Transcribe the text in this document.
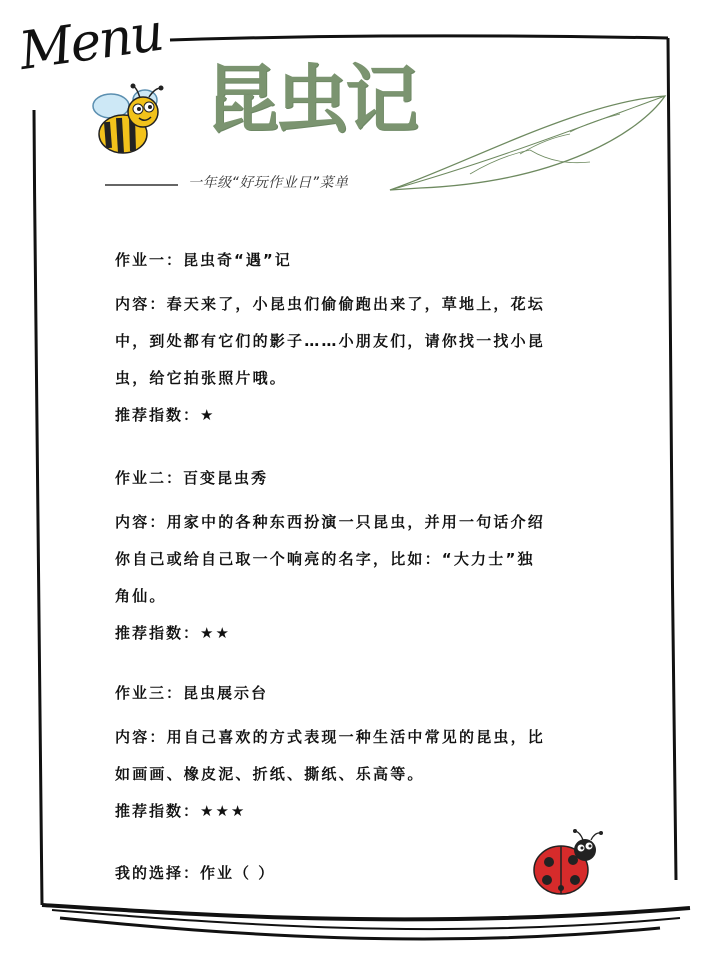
Menu
昆虫记
一年级“好玩作业日”菜单

作业一：昆虫奇“遇”记

内容：春天来了，小昆虫们偷偷跑出来了，草地上，花坛

中，到处都有它们的影子……小朋友们，请你找一找小昆

虫，给它拍张照片哦。

推荐指数：★

作业二：百变昆虫秀

内容：用家中的各种东西扮演一只昆虫，并用一句话介绍

你自己或给自己取一个响亮的名字，比如：“大力士”独

角仙。

推荐指数：★★

作业三：昆虫展示台

内容：用自己喜欢的方式表现一种生活中常见的昆虫，比

如画画、橡皮泥、折纸、撕纸、乐高等。

推荐指数：★★★

我的选择：作业（ ）
